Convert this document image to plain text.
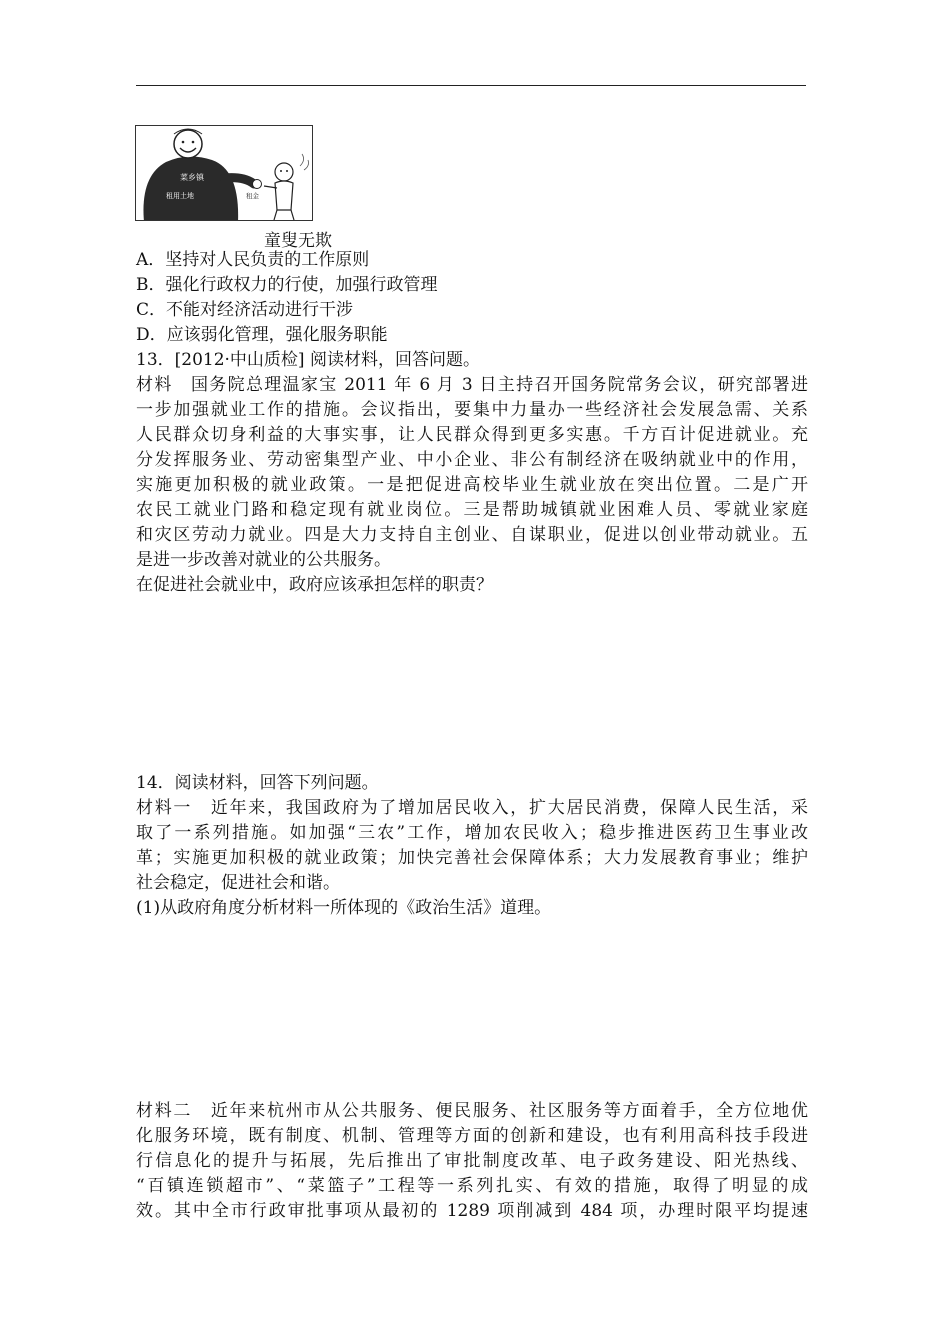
菜乡镇
租用土地	租金
童叟无欺
A．坚持对人民负责的工作原则
B．强化行政权力的行使，加强行政管理
C．不能对经济活动进行干涉
D．应该弱化管理，强化服务职能
13．[2012·中山质检] 阅读材料，回答问题。
材料　国务院总理温家宝 2011 年 6 月 3 日主持召开国务院常务会议，研究部署进
一步加强就业工作的措施。会议指出，要集中力量办一些经济社会发展急需、关系
人民群众切身利益的大事实事，让人民群众得到更多实惠。千方百计促进就业。充
分发挥服务业、劳动密集型产业、中小企业、非公有制经济在吸纳就业中的作用，
实施更加积极的就业政策。一是把促进高校毕业生就业放在突出位置。二是广开
农民工就业门路和稳定现有就业岗位。三是帮助城镇就业困难人员、零就业家庭
和灾区劳动力就业。四是大力支持自主创业、自谋职业，促进以创业带动就业。五
是进一步改善对就业的公共服务。
在促进社会就业中，政府应该承担怎样的职责？
14．阅读材料，回答下列问题。
材料一　近年来，我国政府为了增加居民收入，扩大居民消费，保障人民生活，采
取了一系列措施。如加强“三农”工作，增加农民收入；稳步推进医药卫生事业改
革；实施更加积极的就业政策；加快完善社会保障体系；大力发展教育事业；维护
社会稳定，促进社会和谐。
(1)从政府角度分析材料一所体现的《政治生活》道理。
材料二　近年来杭州市从公共服务、便民服务、社区服务等方面着手，全方位地优
化服务环境，既有制度、机制、管理等方面的创新和建设，也有利用高科技手段进
行信息化的提升与拓展，先后推出了审批制度改革、电子政务建设、阳光热线、
“百镇连锁超市”、“菜篮子”工程等一系列扎实、有效的措施，取得了明显的成
效。其中全市行政审批事项从最初的 1289 项削减到 484 项，办理时限平均提速
